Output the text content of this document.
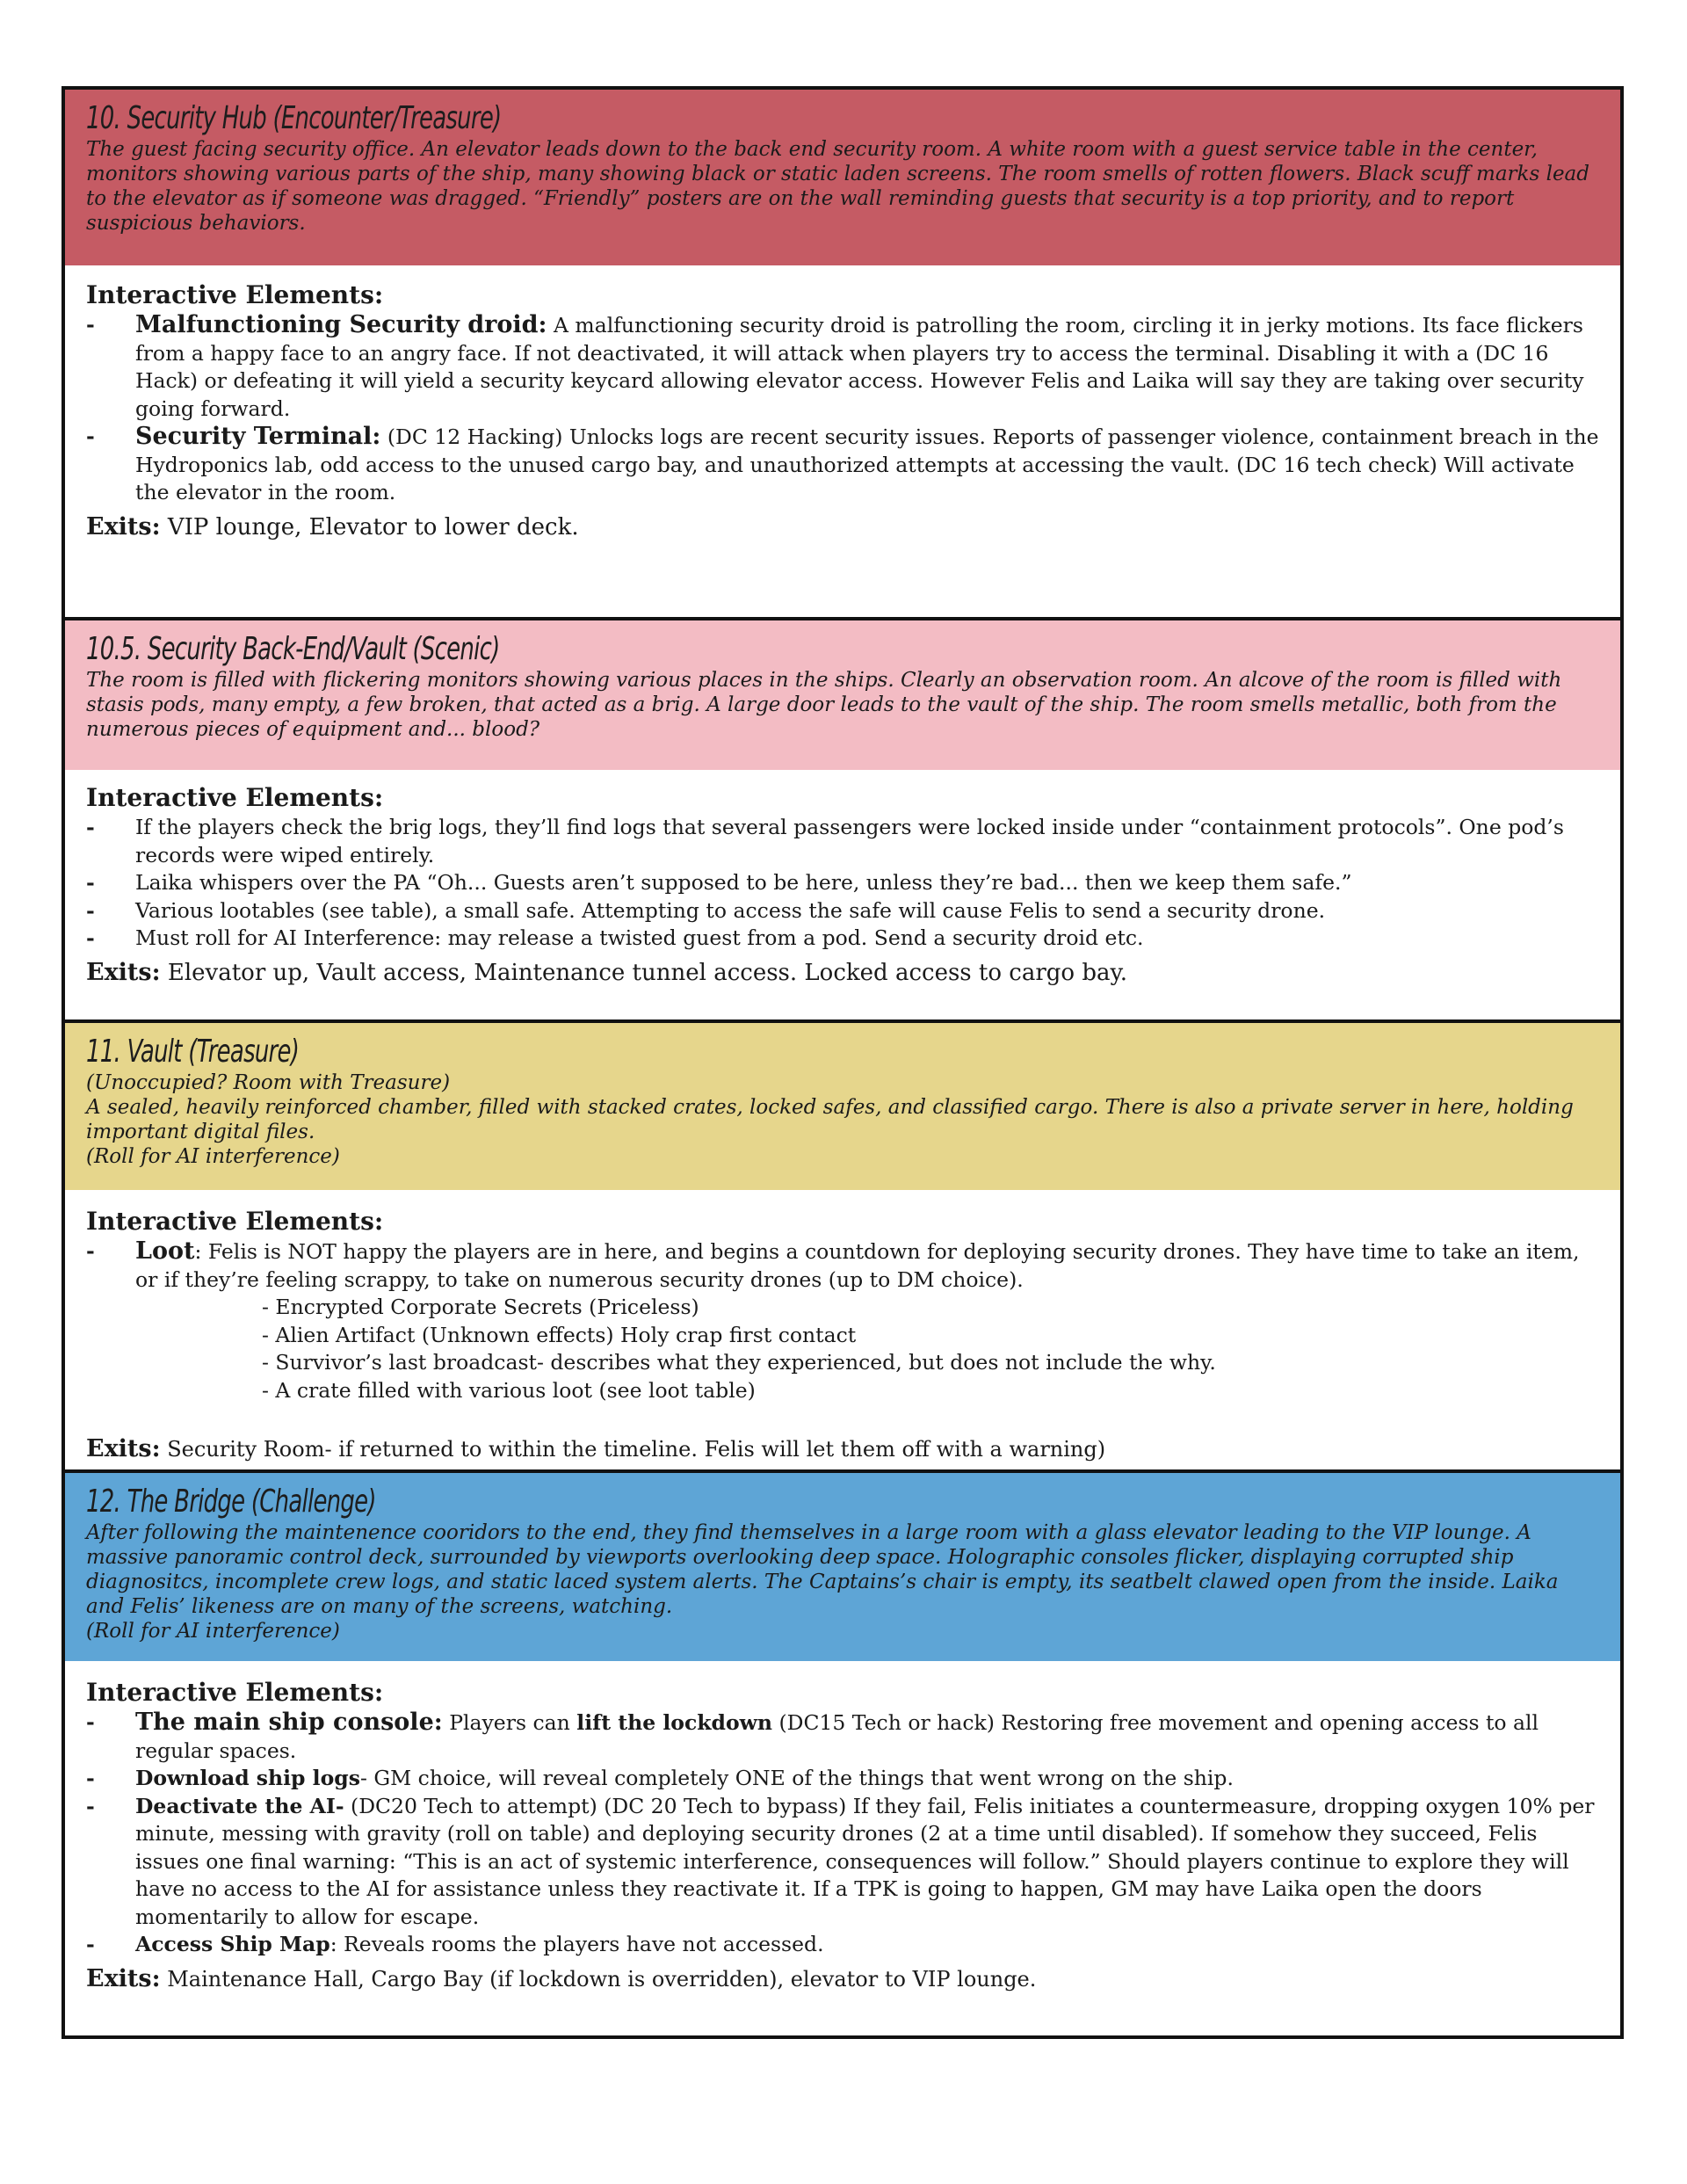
10. Security Hub (Encounter/Treasure)

The guest facing security office. An elevator leads down to the back end security room. A white room with a guest service table in the center, monitors showing various parts of the ship, many showing black or static laden screens. The room smells of rotten flowers. Black scuff marks lead to the elevator as if someone was dragged. “Friendly” posters are on the wall reminding guests that security is a top priority, and to report suspicious behaviors.

Interactive Elements:
- Malfunctioning Security droid: A malfunctioning security droid is patrolling the room, circling it in jerky motions. Its face flickers from a happy face to an angry face. If not deactivated, it will attack when players try to access the terminal. Disabling it with a (DC 16 Hack) or defeating it will yield a security keycard allowing elevator access. However Felis and Laika will say they are taking over security going forward.
- Security Terminal: (DC 12 Hacking) Unlocks logs are recent security issues. Reports of passenger violence, containment breach in the Hydroponics lab, odd access to the unused cargo bay, and unauthorized attempts at accessing the vault. (DC 16 tech check) Will activate the elevator in the room.
Exits: VIP lounge, Elevator to lower deck.
10.5. Security Back-End/Vault (Scenic)

The room is filled with flickering monitors showing various places in the ships. Clearly an observation room. An alcove of the room is filled with stasis pods, many empty, a few broken, that acted as a brig. A large door leads to the vault of the ship. The room smells metallic, both from the numerous pieces of equipment and... blood?

Interactive Elements:
- If the players check the brig logs, they’ll find logs that several passengers were locked inside under “containment protocols”. One pod’s records were wiped entirely.
- Laika whispers over the PA “Oh... Guests aren’t supposed to be here, unless they’re bad... then we keep them safe.”
- Various lootables (see table), a small safe. Attempting to access the safe will cause Felis to send a security drone.
- Must roll for AI Interference: may release a twisted guest from a pod. Send a security droid etc.
Exits: Elevator up, Vault access, Maintenance tunnel access. Locked access to cargo bay.
11. Vault (Treasure)

(Unoccupied? Room with Treasure)

A sealed, heavily reinforced chamber, filled with stacked crates, locked safes, and classified cargo. There is also a private server in here, holding important digital files.

(Roll for AI interference)

Interactive Elements:
- Loot: Felis is NOT happy the players are in here, and begins a countdown for deploying security drones. They have time to take an item, or if they’re feeling scrappy, to take on numerous security drones (up to DM choice).
- Encrypted Corporate Secrets (Priceless)
- Alien Artifact (Unknown effects) Holy crap first contact
- Survivor’s last broadcast- describes what they experienced, but does not include the why.
- A crate filled with various loot (see loot table)
Exits: Security Room- if returned to within the timeline. Felis will let them off with a warning)
12. The Bridge (Challenge)

After following the maintenence cooridors to the end, they find themselves in a large room with a glass elevator leading to the VIP lounge. A massive panoramic control deck, surrounded by viewports overlooking deep space. Holographic consoles flicker, displaying corrupted ship diagnositcs, incomplete crew logs, and static laced system alerts. The Captains’s chair is empty, its seatbelt clawed open from the inside. Laika and Felis’ likeness are on many of the screens, watching.

(Roll for AI interference)

Interactive Elements:
- The main ship console: Players can lift the lockdown (DC15 Tech or hack) Restoring free movement and opening access to all regular spaces.
- Download ship logs- GM choice, will reveal completely ONE of the things that went wrong on the ship.
- Deactivate the AI- (DC20 Tech to attempt) (DC 20 Tech to bypass) If they fail, Felis initiates a countermeasure, dropping oxygen 10% per minute, messing with gravity (roll on table) and deploying security drones (2 at a time until disabled). If somehow they succeed, Felis issues one final warning: “This is an act of systemic interference, consequences will follow.” Should players continue to explore they will have no access to the AI for assistance unless they reactivate it. If a TPK is going to happen, GM may have Laika open the doors momentarily to allow for escape.
- Access Ship Map: Reveals rooms the players have not accessed.
Exits: Maintenance Hall, Cargo Bay (if lockdown is overridden), elevator to VIP lounge.
